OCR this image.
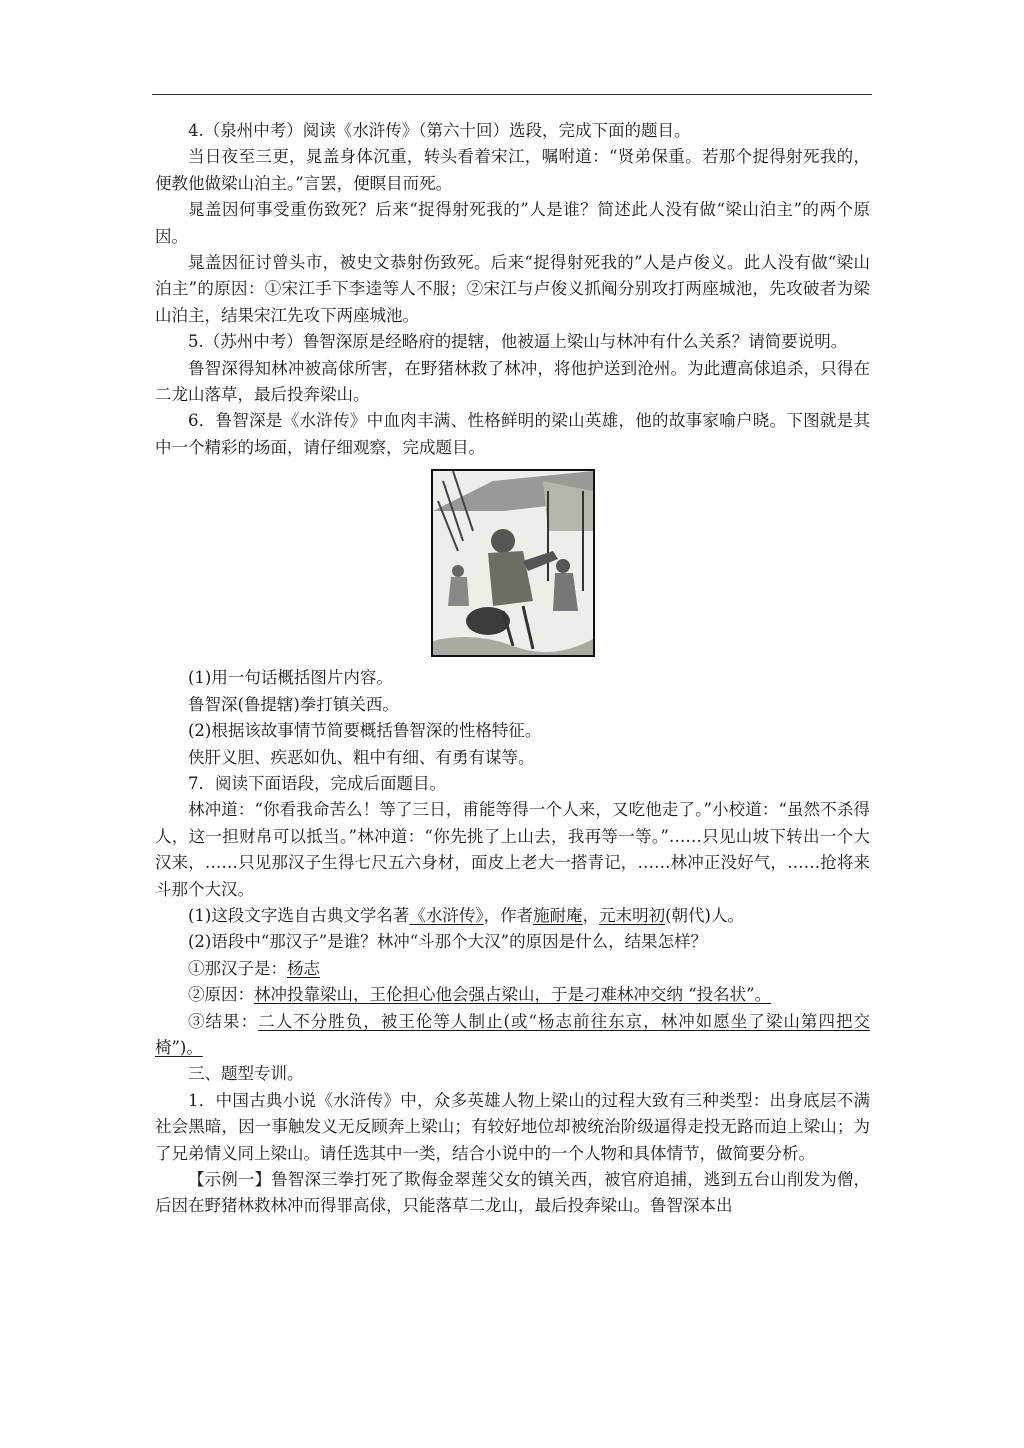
4.（泉州中考）阅读《水浒传》（第六十回）选段，完成下面的题目。

当日夜至三更，晁盖身体沉重，转头看着宋江，嘱咐道：“贤弟保重。若那个捉得射死我的，便教他做梁山泊主。”言罢，便瞑目而死。

晁盖因何事受重伤致死？后来“捉得射死我的”人是谁？简述此人没有做“梁山泊主”的两个原因。

晁盖因征讨曾头市，被史文恭射伤致死。后来“捉得射死我的”人是卢俊义。此人没有做“梁山泊主”的原因：①宋江手下李逵等人不服；②宋江与卢俊义抓阄分别攻打两座城池，先攻破者为梁山泊主，结果宋江先攻下两座城池。

5.（苏州中考）鲁智深原是经略府的提辖，他被逼上梁山与林冲有什么关系？请简要说明。

鲁智深得知林冲被高俅所害，在野猪林救了林冲，将他护送到沧州。为此遭高俅追杀，只得在二龙山落草，最后投奔梁山。

6．鲁智深是《水浒传》中血肉丰满、性格鲜明的梁山英雄，他的故事家喻户晓。下图就是其中一个精彩的场面，请仔细观察，完成题目。

(1)用一句话概括图片内容。

鲁智深(鲁提辖)拳打镇关西。

(2)根据该故事情节简要概括鲁智深的性格特征。

侠肝义胆、疾恶如仇、粗中有细、有勇有谋等。

7．阅读下面语段，完成后面题目。

林冲道：“你看我命苦么！等了三日，甫能等得一个人来，又吃他走了。”小校道：“虽然不杀得人，这一担财帛可以抵当。”林冲道：“你先挑了上山去，我再等一等。”……只见山坡下转出一个大汉来，……只见那汉子生得七尺五六身材，面皮上老大一搭青记，……林冲正没好气，……抢将来斗那个大汉。

(1)这段文字选自古典文学名著《水浒传》，作者施耐庵，元末明初(朝代)人。

(2)语段中“那汉子”是谁？林冲“斗那个大汉”的原因是什么，结果怎样？

①那汉子是：杨志

②原因：林冲投靠梁山，王伦担心他会强占梁山，于是刁难林冲交纳 “投名状”。

③结果：二人不分胜负，被王伦等人制止(或“杨志前往东京，林冲如愿坐了梁山第四把交椅”)。

三、题型专训。

1．中国古典小说《水浒传》中，众多英雄人物上梁山的过程大致有三种类型：出身底层不满社会黑暗，因一事触发义无反顾奔上梁山；有较好地位却被统治阶级逼得走投无路而迫上梁山；为了兄弟情义同上梁山。请任选其中一类，结合小说中的一个人物和具体情节，做简要分析。

【示例一】鲁智深三拳打死了欺侮金翠莲父女的镇关西，被官府追捕，逃到五台山削发为僧，后因在野猪林救林冲而得罪高俅，只能落草二龙山，最后投奔梁山。鲁智深本出
